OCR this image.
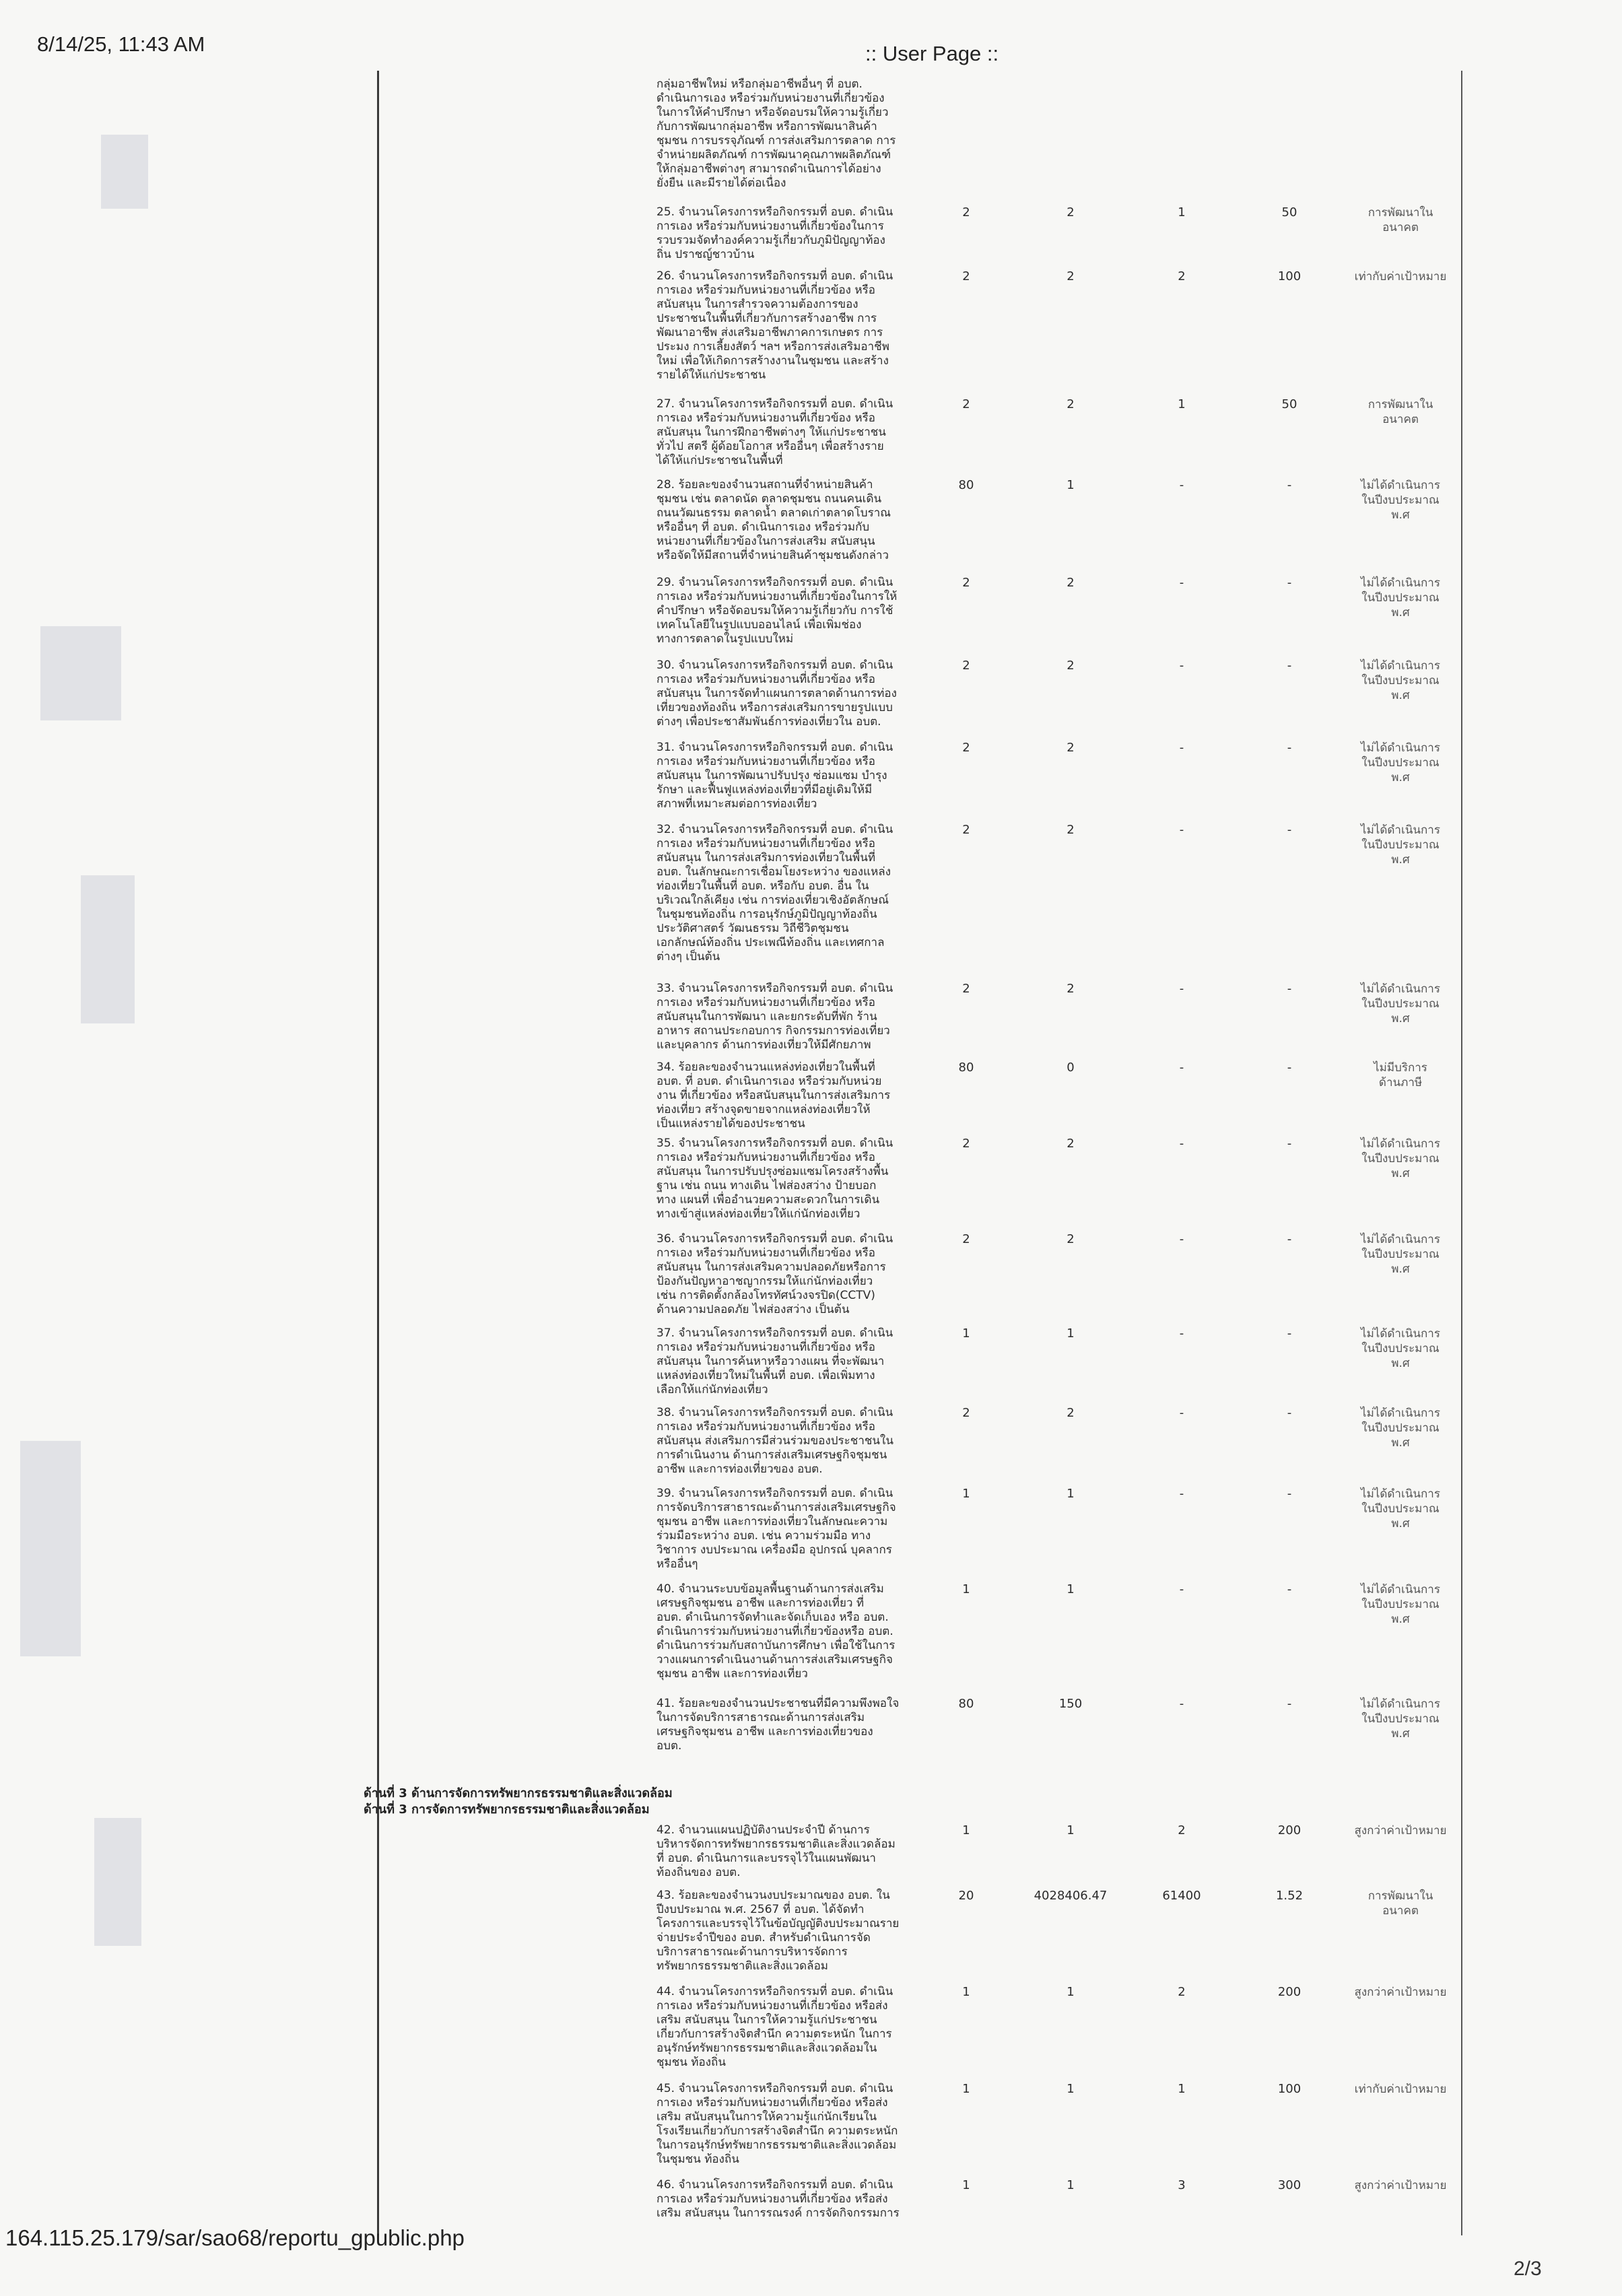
8/14/25, 11:43 AM	:: User Page ::
กลุ่มอาชีพใหม่ หรือกลุ่มอาชีพอื่นๆ ที่ อบต.
ดำเนินการเอง หรือร่วมกับหน่วยงานที่เกี่ยวข้อง
ในการให้คำปรึกษา หรือจัดอบรมให้ความรู้เกี่ยว
กับการพัฒนากลุ่มอาชีพ หรือการพัฒนาสินค้า
ชุมชน การบรรจุภัณฑ์ การส่งเสริมการตลาด การ
จำหน่ายผลิตภัณฑ์ การพัฒนาคุณภาพผลิตภัณฑ์
ให้กลุ่มอาชีพต่างๆ สามารถดำเนินการได้อย่าง
ยั่งยืน และมีรายได้ต่อเนื่อง
25. จำนวนโครงการหรือกิจกรรมที่ อบต. ดำเนิน
การเอง หรือร่วมกับหน่วยงานที่เกี่ยวข้องในการ
รวบรวมจัดทำองค์ความรู้เกี่ยวกับภูมิปัญญาท้อง
ถิ่น ปราชญ์ชาวบ้าน
2	2	1	50	การพัฒนาใน
อนาคต
26. จำนวนโครงการหรือกิจกรรมที่ อบต. ดำเนิน
การเอง หรือร่วมกับหน่วยงานที่เกี่ยวข้อง หรือ
สนับสนุน ในการสำรวจความต้องการของ
ประชาชนในพื้นที่เกี่ยวกับการสร้างอาชีพ การ
พัฒนาอาชีพ ส่งเสริมอาชีพภาคการเกษตร การ
ประมง การเลี้ยงสัตว์ ฯลฯ หรือการส่งเสริมอาชีพ
ใหม่ เพื่อให้เกิดการสร้างงานในชุมชน และสร้าง
รายได้ให้แก่ประชาชน
2	2	2	100	เท่ากับค่าเป้าหมาย
27. จำนวนโครงการหรือกิจกรรมที่ อบต. ดำเนิน
การเอง หรือร่วมกับหน่วยงานที่เกี่ยวข้อง หรือ
สนับสนุน ในการฝึกอาชีพต่างๆ ให้แก่ประชาชน
ทั่วไป สตรี ผู้ด้อยโอกาส หรืออื่นๆ เพื่อสร้างราย
ได้ให้แก่ประชาชนในพื้นที่
2	2	1	50	การพัฒนาใน
อนาคต
28. ร้อยละของจำนวนสถานที่จำหน่ายสินค้า
ชุมชน เช่น ตลาดนัด ตลาดชุมชน ถนนคนเดิน
ถนนวัฒนธรรม ตลาดน้ำ ตลาดเก่าตลาดโบราณ
หรืออื่นๆ ที่ อบต. ดำเนินการเอง หรือร่วมกับ
หน่วยงานที่เกี่ยวข้องในการส่งเสริม สนับสนุน
หรือจัดให้มีสถานที่จำหน่ายสินค้าชุมชนดังกล่าว
80	1	-	-	ไม่ได้ดำเนินการ
ในปีงบประมาณ
พ.ศ
29. จำนวนโครงการหรือกิจกรรมที่ อบต. ดำเนิน
การเอง หรือร่วมกับหน่วยงานที่เกี่ยวข้องในการให้
คำปรึกษา หรือจัดอบรมให้ความรู้เกี่ยวกับ การใช้
เทคโนโลยีในรูปแบบออนไลน์ เพื่อเพิ่มช่อง
ทางการตลาดในรูปแบบใหม่
2	2	-	-	ไม่ได้ดำเนินการ
ในปีงบประมาณ
พ.ศ
30. จำนวนโครงการหรือกิจกรรมที่ อบต. ดำเนิน
การเอง หรือร่วมกับหน่วยงานที่เกี่ยวข้อง หรือ
สนับสนุน ในการจัดทำแผนการตลาดด้านการท่อง
เที่ยวของท้องถิ่น หรือการส่งเสริมการขายรูปแบบ
ต่างๆ เพื่อประชาสัมพันธ์การท่องเที่ยวใน อบต.
2	2	-	-	ไม่ได้ดำเนินการ
ในปีงบประมาณ
พ.ศ
31. จำนวนโครงการหรือกิจกรรมที่ อบต. ดำเนิน
การเอง หรือร่วมกับหน่วยงานที่เกี่ยวข้อง หรือ
สนับสนุน ในการพัฒนาปรับปรุง ซ่อมแซม บำรุง
รักษา และฟื้นฟูแหล่งท่องเที่ยวที่มีอยู่เดิมให้มี
สภาพที่เหมาะสมต่อการท่องเที่ยว
2	2	-	-	ไม่ได้ดำเนินการ
ในปีงบประมาณ
พ.ศ
32. จำนวนโครงการหรือกิจกรรมที่ อบต. ดำเนิน
การเอง หรือร่วมกับหน่วยงานที่เกี่ยวข้อง หรือ
สนับสนุน ในการส่งเสริมการท่องเที่ยวในพื้นที่
อบต. ในลักษณะการเชื่อมโยงระหว่าง ของแหล่ง
ท่องเที่ยวในพื้นที่ อบต. หรือกับ อบต. อื่น ใน
บริเวณใกล้เคียง เช่น การท่องเที่ยวเชิงอัตลักษณ์
ในชุมชนท้องถิ่น การอนุรักษ์ภูมิปัญญาท้องถิ่น
ประวัติศาสตร์ วัฒนธรรม วิถีชีวิตชุมชน
เอกลักษณ์ท้องถิ่น ประเพณีท้องถิ่น และเทศกาล
ต่างๆ เป็นต้น
2	2	-	-	ไม่ได้ดำเนินการ
ในปีงบประมาณ
พ.ศ
33. จำนวนโครงการหรือกิจกรรมที่ อบต. ดำเนิน
การเอง หรือร่วมกับหน่วยงานที่เกี่ยวข้อง หรือ
สนับสนุนในการพัฒนา และยกระดับที่พัก ร้าน
อาหาร สถานประกอบการ กิจกรรมการท่องเที่ยว
และบุคลากร ด้านการท่องเที่ยวให้มีศักยภาพ
2	2	-	-	ไม่ได้ดำเนินการ
ในปีงบประมาณ
พ.ศ
34. ร้อยละของจำนวนแหล่งท่องเที่ยวในพื้นที่
อบต. ที่ อบต. ดำเนินการเอง หรือร่วมกับหน่วย
งาน ที่เกี่ยวข้อง หรือสนับสนุนในการส่งเสริมการ
ท่องเที่ยว สร้างจุดขายจากแหล่งท่องเที่ยวให้
เป็นแหล่งรายได้ของประชาชน
80	0	-	-	ไม่มีบริการ
ด้านภาษี
35. จำนวนโครงการหรือกิจกรรมที่ อบต. ดำเนิน
การเอง หรือร่วมกับหน่วยงานที่เกี่ยวข้อง หรือ
สนับสนุน ในการปรับปรุงซ่อมแซมโครงสร้างพื้น
ฐาน เช่น ถนน ทางเดิน ไฟส่องสว่าง ป้ายบอก
ทาง แผนที่ เพื่ออำนวยความสะดวกในการเดิน
ทางเข้าสู่แหล่งท่องเที่ยวให้แก่นักท่องเที่ยว
2	2	-	-	ไม่ได้ดำเนินการ
ในปีงบประมาณ
พ.ศ
36. จำนวนโครงการหรือกิจกรรมที่ อบต. ดำเนิน
การเอง หรือร่วมกับหน่วยงานที่เกี่ยวข้อง หรือ
สนับสนุน ในการส่งเสริมความปลอดภัยหรือการ
ป้องกันปัญหาอาชญากรรมให้แก่นักท่องเที่ยว
เช่น การติดตั้งกล้องโทรทัศน์วงจรปิด(CCTV)
ด้านความปลอดภัย ไฟส่องสว่าง เป็นต้น
2	2	-	-	ไม่ได้ดำเนินการ
ในปีงบประมาณ
พ.ศ
37. จำนวนโครงการหรือกิจกรรมที่ อบต. ดำเนิน
การเอง หรือร่วมกับหน่วยงานที่เกี่ยวข้อง หรือ
สนับสนุน ในการค้นหาหรือวางแผน ที่จะพัฒนา
แหล่งท่องเที่ยวใหม่ในพื้นที่ อบต. เพื่อเพิ่มทาง
เลือกให้แก่นักท่องเที่ยว
1	1	-	-	ไม่ได้ดำเนินการ
ในปีงบประมาณ
พ.ศ
38. จำนวนโครงการหรือกิจกรรมที่ อบต. ดำเนิน
การเอง หรือร่วมกับหน่วยงานที่เกี่ยวข้อง หรือ
สนับสนุน ส่งเสริมการมีส่วนร่วมของประชาชนใน
การดำเนินงาน ด้านการส่งเสริมเศรษฐกิจชุมชน
อาชีพ และการท่องเที่ยวของ อบต.
2	2	-	-	ไม่ได้ดำเนินการ
ในปีงบประมาณ
พ.ศ
39. จำนวนโครงการหรือกิจกรรมที่ อบต. ดำเนิน
การจัดบริการสาธารณะด้านการส่งเสริมเศรษฐกิจ
ชุมชน อาชีพ และการท่องเที่ยวในลักษณะความ
ร่วมมือระหว่าง อบต. เช่น ความร่วมมือ ทาง
วิชาการ งบประมาณ เครื่องมือ อุปกรณ์ บุคลากร
หรืออื่นๆ
1	1	-	-	ไม่ได้ดำเนินการ
ในปีงบประมาณ
พ.ศ
40. จำนวนระบบข้อมูลพื้นฐานด้านการส่งเสริม
เศรษฐกิจชุมชน อาชีพ และการท่องเที่ยว ที่
อบต. ดำเนินการจัดทำและจัดเก็บเอง หรือ อบต.
ดำเนินการร่วมกับหน่วยงานที่เกี่ยวข้องหรือ อบต.
ดำเนินการร่วมกับสถาบันการศึกษา เพื่อใช้ในการ
วางแผนการดำเนินงานด้านการส่งเสริมเศรษฐกิจ
ชุมชน อาชีพ และการท่องเที่ยว
1	1	-	-	ไม่ได้ดำเนินการ
ในปีงบประมาณ
พ.ศ
41. ร้อยละของจำนวนประชาชนที่มีความพึงพอใจ
ในการจัดบริการสาธารณะด้านการส่งเสริม
เศรษฐกิจชุมชน อาชีพ และการท่องเที่ยวของ
อบต.
80	150	-	-	ไม่ได้ดำเนินการ
ในปีงบประมาณ
พ.ศ
ด้านที่ 3 ด้านการจัดการทรัพยากรธรรมชาติและสิ่งแวดล้อม
ด้านที่ 3 การจัดการทรัพยากรธรรมชาติและสิ่งแวดล้อม
42. จำนวนแผนปฏิบัติงานประจำปี ด้านการ
บริหารจัดการทรัพยากรธรรมชาติและสิ่งแวดล้อม
ที่ อบต. ดำเนินการและบรรจุไว้ในแผนพัฒนา
ท้องถิ่นของ อบต.
1	1	2	200	สูงกว่าค่าเป้าหมาย
43. ร้อยละของจำนวนงบประมาณของ อบต. ใน
ปีงบประมาณ พ.ศ. 2567 ที่ อบต. ได้จัดทำ
โครงการและบรรจุไว้ในข้อบัญญัติงบประมาณราย
จ่ายประจำปีของ อบต. สำหรับดำเนินการจัด
บริการสาธารณะด้านการบริหารจัดการ
ทรัพยากรธรรมชาติและสิ่งแวดล้อม
20	4028406.47	61400	1.52	การพัฒนาใน
อนาคต
44. จำนวนโครงการหรือกิจกรรมที่ อบต. ดำเนิน
การเอง หรือร่วมกับหน่วยงานที่เกี่ยวข้อง หรือส่ง
เสริม สนับสนุน ในการให้ความรู้แก่ประชาชน
เกี่ยวกับการสร้างจิตสำนึก ความตระหนัก ในการ
อนุรักษ์ทรัพยากรธรรมชาติและสิ่งแวดล้อมใน
ชุมชน ท้องถิ่น
1	1	2	200	สูงกว่าค่าเป้าหมาย
45. จำนวนโครงการหรือกิจกรรมที่ อบต. ดำเนิน
การเอง หรือร่วมกับหน่วยงานที่เกี่ยวข้อง หรือส่ง
เสริม สนับสนุนในการให้ความรู้แก่นักเรียนใน
โรงเรียนเกี่ยวกับการสร้างจิตสำนึก ความตระหนัก
ในการอนุรักษ์ทรัพยากรธรรมชาติและสิ่งแวดล้อม
ในชุมชน ท้องถิ่น
1	1	1	100	เท่ากับค่าเป้าหมาย
46. จำนวนโครงการหรือกิจกรรมที่ อบต. ดำเนิน
การเอง หรือร่วมกับหน่วยงานที่เกี่ยวข้อง หรือส่ง
เสริม สนับสนุน ในการรณรงค์ การจัดกิจกรรมการ
1	1	3	300	สูงกว่าค่าเป้าหมาย
164.115.25.179/sar/sao68/reportu_gpublic.php
2/3
